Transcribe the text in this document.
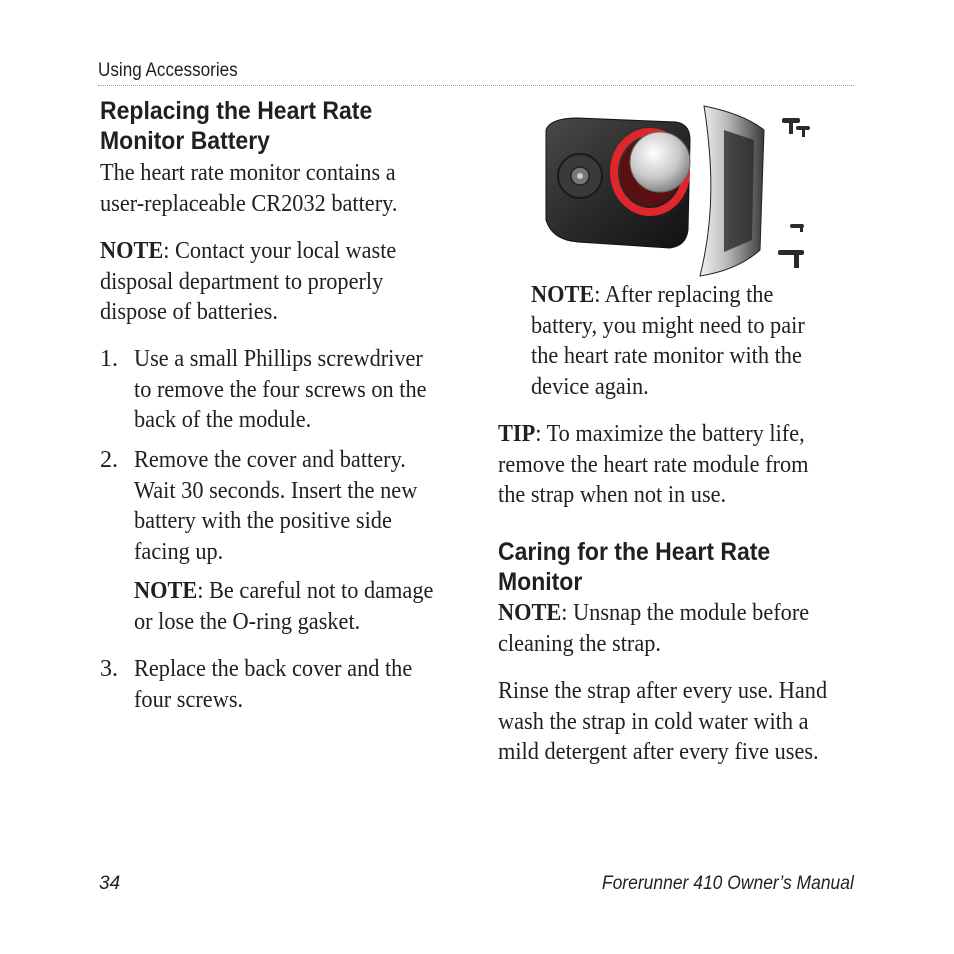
Using Accessories
Replacing the Heart Rate
Monitor Battery

The heart rate monitor contains a
user-replaceable CR2032 battery.

NOTE: Contact your local waste
disposal department to properly
dispose of batteries.

1. Use a small Phillips screwdriver
to remove the four screws on the
back of the module.

2. Remove the cover and battery.
Wait 30 seconds. Insert the new
battery with the positive side
facing up.

NOTE: Be careful not to damage
or lose the O-ring gasket.

3. Replace the back cover and the
four screws.

NOTE: After replacing the
battery, you might need to pair
the heart rate monitor with the
device again.

TIP: To maximize the battery life,
remove the heart rate module from
the strap when not in use.

Caring for the Heart Rate
Monitor

NOTE: Unsnap the module before
cleaning the strap.

Rinse the strap after every use. Hand
wash the strap in cold water with a
mild detergent after every five uses.

34	Forerunner 410 Owner’s Manual
